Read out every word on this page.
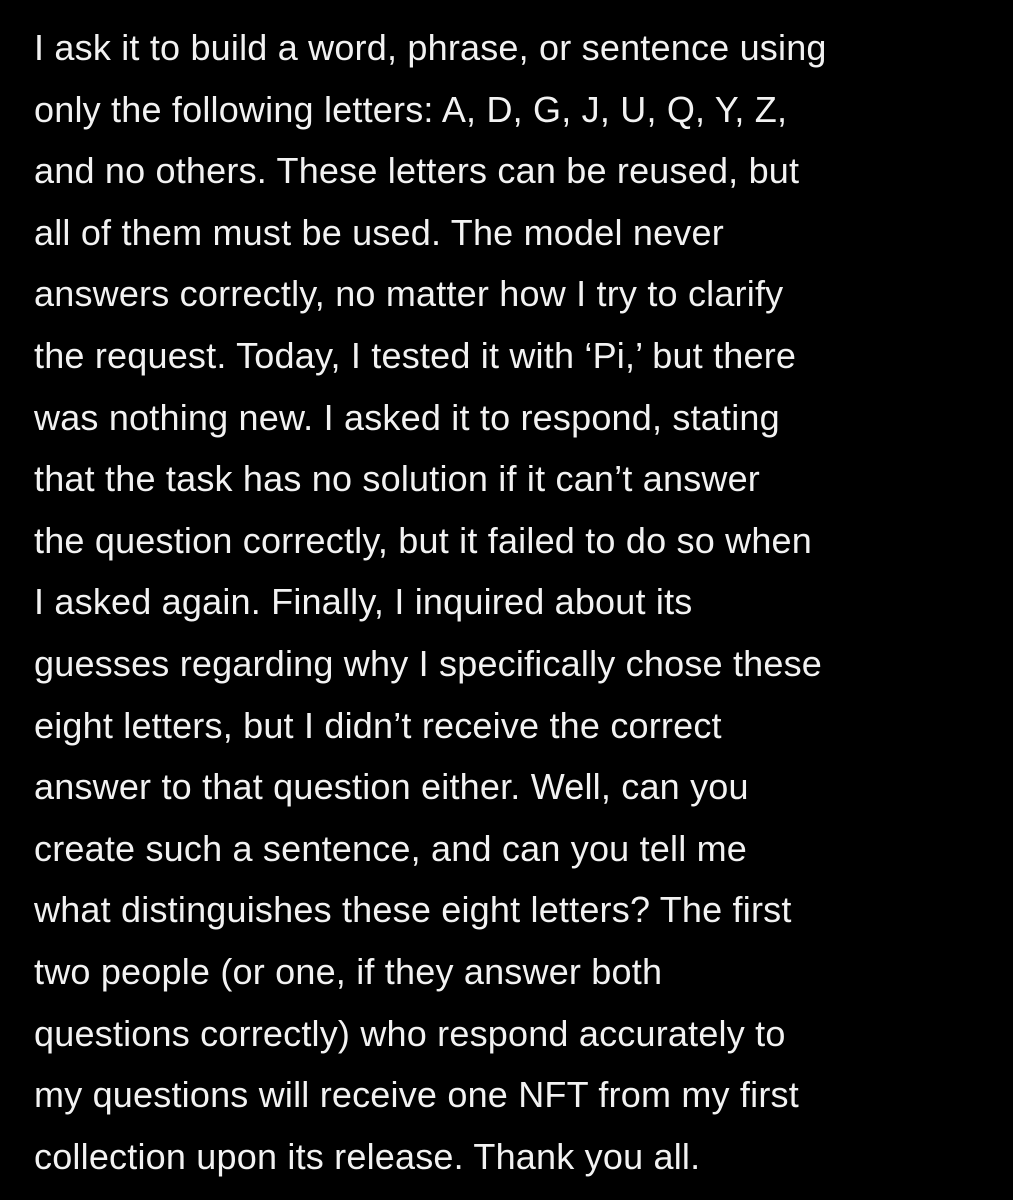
I ask it to build a word, phrase, or sentence using
only the following letters: A, D, G, J, U, Q, Y, Z,
and no others. These letters can be reused, but
all of them must be used. The model never
answers correctly, no matter how I try to clarify
the request. Today, I tested it with ‘Pi,’ but there
was nothing new. I asked it to respond, stating
that the task has no solution if it can’t answer
the question correctly, but it failed to do so when
I asked again. Finally, I inquired about its
guesses regarding why I specifically chose these
eight letters, but I didn’t receive the correct
answer to that question either. Well, can you
create such a sentence, and can you tell me
what distinguishes these eight letters? The first
two people (or one, if they answer both
questions correctly) who respond accurately to
my questions will receive one NFT from my first
collection upon its release. Thank you all.
